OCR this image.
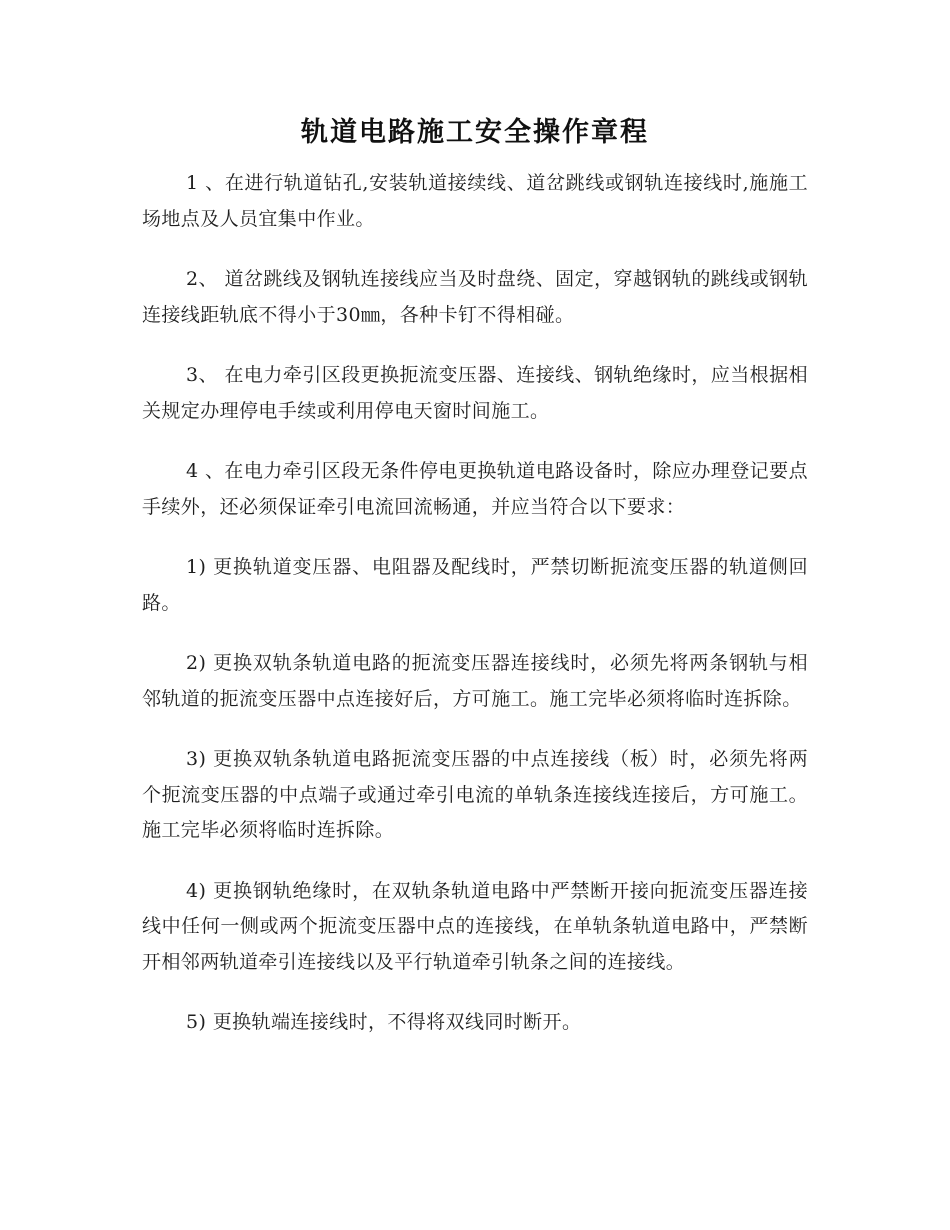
轨道电路施工安全操作章程

1 、在进行轨道钻孔,安装轨道接续线、道岔跳线或钢轨连接线时,施施工场地点及人员宜集中作业。

2、 道岔跳线及钢轨连接线应当及时盘绕、固定，穿越钢轨的跳线或钢轨连接线距轨底不得小于30㎜，各种卡钉不得相碰。

3、 在电力牵引区段更换扼流变压器、连接线、钢轨绝缘时，应当根据相关规定办理停电手续或利用停电天窗时间施工。

4 、在电力牵引区段无条件停电更换轨道电路设备时，除应办理登记要点手续外，还必须保证牵引电流回流畅通，并应当符合以下要求：

1) 更换轨道变压器、电阻器及配线时，严禁切断扼流变压器的轨道侧回路。

2) 更换双轨条轨道电路的扼流变压器连接线时，必须先将两条钢轨与相邻轨道的扼流变压器中点连接好后，方可施工。施工完毕必须将临时连拆除。

3) 更换双轨条轨道电路扼流变压器的中点连接线（板）时，必须先将两个扼流变压器的中点端子或通过牵引电流的单轨条连接线连接后，方可施工。施工完毕必须将临时连拆除。

4) 更换钢轨绝缘时，在双轨条轨道电路中严禁断开接向扼流变压器连接线中任何一侧或两个扼流变压器中点的连接线，在单轨条轨道电路中，严禁断开相邻两轨道牵引连接线以及平行轨道牵引轨条之间的连接线。

5) 更换轨端连接线时，不得将双线同时断开。
